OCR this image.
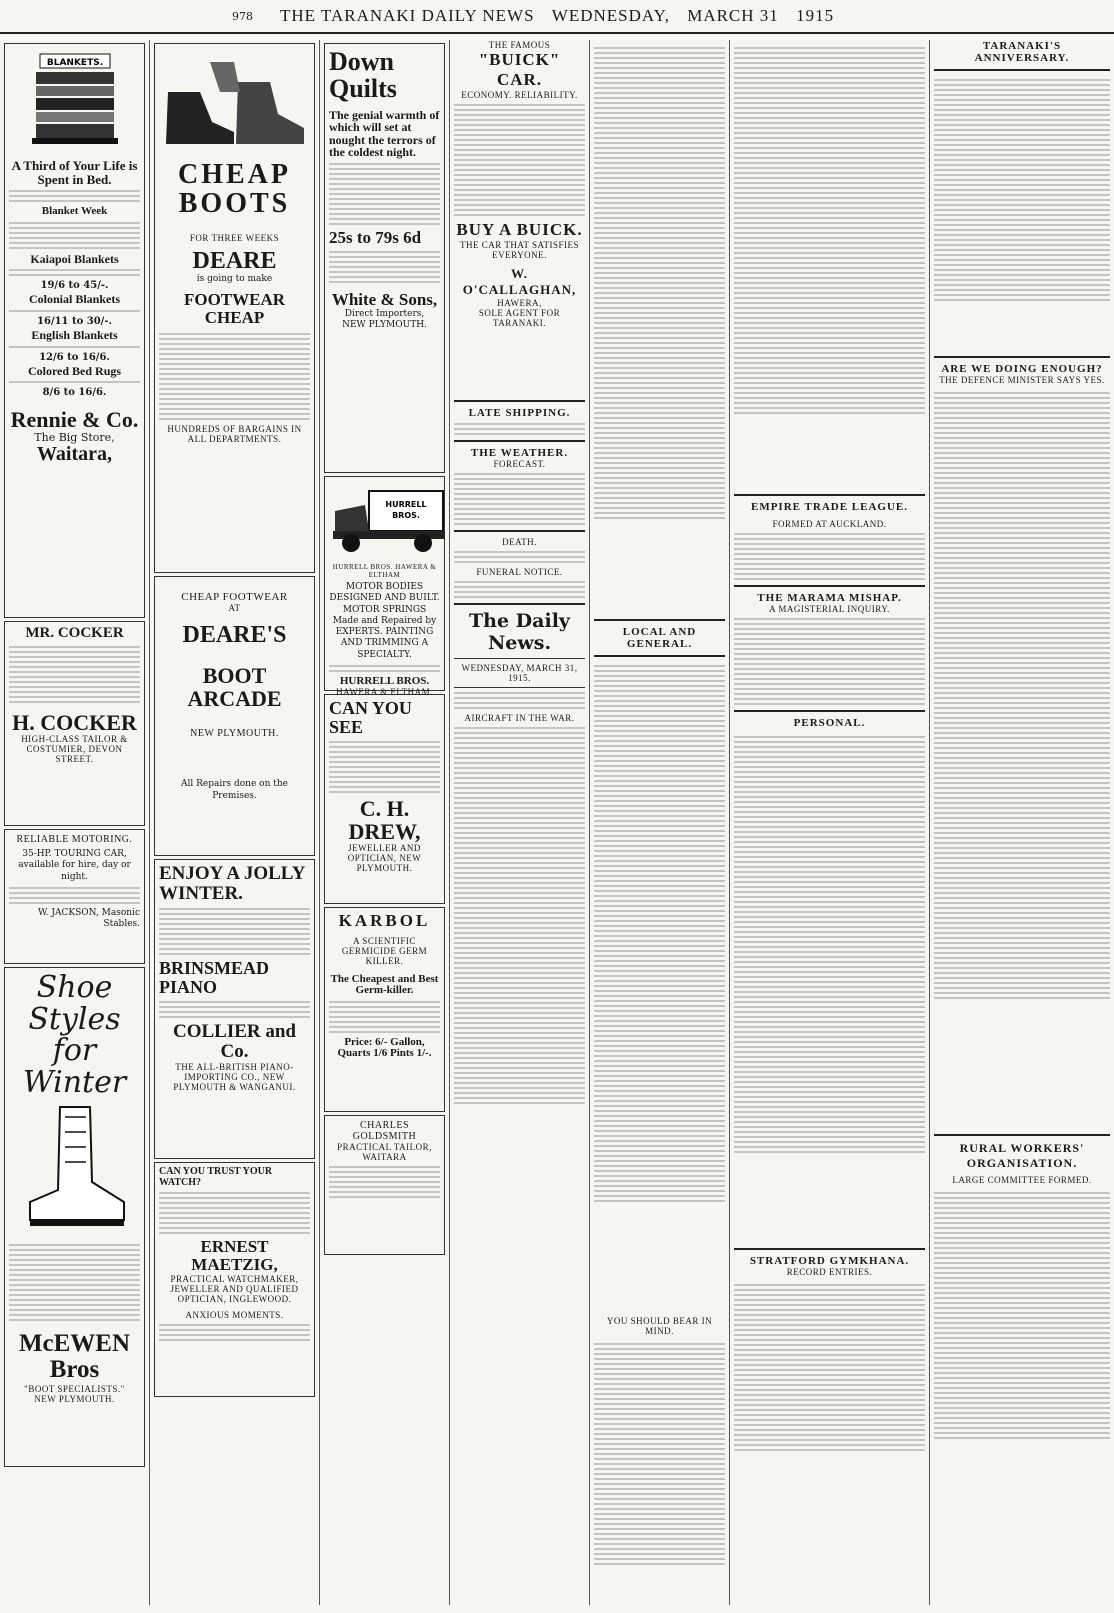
978	THE TARANAKI DAILY NEWS WEDNESDAY, MARCH 31 1915
BLANKETS.
A Third of Your Life is Spent in Bed.
Blanket Week
Kaiapoi Blankets
19/6 to 45/-.
Colonial Blankets
16/11 to 30/-.
English Blankets
12/6 to 16/6.
Colored Bed Rugs
8/6 to 16/6.
Rennie & Co.
The Big Store,
Waitara,
MR. COCKER
H. COCKER
HIGH-CLASS TAILOR & COSTUMIER, DEVON STREET.
RELIABLE MOTORING.
35-HP. TOURING CAR, available for hire, day or night.
W. JACKSON, Masonic Stables.
Shoe Styles for Winter
McEWEN Bros
"BOOT SPECIALISTS."
NEW PLYMOUTH.
CHEAP
BOOTS
FOR THREE WEEKS
DEARE
is going to make
FOOTWEAR CHEAP
HUNDREDS OF BARGAINS IN ALL DEPARTMENTS.
CHEAP FOOTWEAR
AT
DEARE'S
BOOT ARCADE
NEW PLYMOUTH.
All Repairs done on the Premises.
ENJOY A JOLLY WINTER.
BRINSMEAD PIANO
COLLIER and Co.
THE ALL-BRITISH PIANO-IMPORTING CO., NEW PLYMOUTH & WANGANUI.
CAN YOU TRUST YOUR WATCH?
ERNEST MAETZIG,
PRACTICAL WATCHMAKER, JEWELLER AND QUALIFIED OPTICIAN, INGLEWOOD.
ANXIOUS MOMENTS.
Down
Quilts
The genial warmth of which will set at nought the terrors of the coldest night.
25s to 79s 6d
White & Sons,
Direct Importers,
NEW PLYMOUTH.
HURRELL
BROS.
HURRELL BROS. HAWERA & ELTHAM
MOTOR BODIES DESIGNED AND BUILT. MOTOR SPRINGS Made and Repaired by EXPERTS. PAINTING AND TRIMMING A SPECIALTY.
HURRELL BROS.
HAWERA & ELTHAM.
CAN YOU SEE
C. H. DREW,
JEWELLER AND OPTICIAN, NEW PLYMOUTH.
KARBOL
A SCIENTIFIC GERMICIDE GERM KILLER.
The Cheapest and Best Germ-killer.
Price: 6/- Gallon, Quarts 1/6 Pints 1/-.
CHARLES GOLDSMITH
PRACTICAL TAILOR, WAITARA
THE FAMOUS
"BUICK" CAR.
ECONOMY. RELIABILITY.
BUY A BUICK.
THE CAR THAT SATISFIES EVERYONE.
W. O'CALLAGHAN,
HAWERA,
SOLE AGENT FOR TARANAKI.
LATE SHIPPING.
THE WEATHER.
FORECAST.
DEATH.
FUNERAL NOTICE.
The Daily News.
WEDNESDAY, MARCH 31, 1915.
AIRCRAFT IN THE WAR.
LOCAL AND GENERAL.
YOU SHOULD BEAR IN MIND.
EMPIRE TRADE LEAGUE.
FORMED AT AUCKLAND.
THE MARAMA MISHAP.
A MAGISTERIAL INQUIRY.
PERSONAL.
STRATFORD GYMKHANA.
RECORD ENTRIES.
TARANAKI'S ANNIVERSARY.
ARE WE DOING ENOUGH?
THE DEFENCE MINISTER SAYS YES.
RURAL WORKERS' ORGANISATION.
LARGE COMMITTEE FORMED.
